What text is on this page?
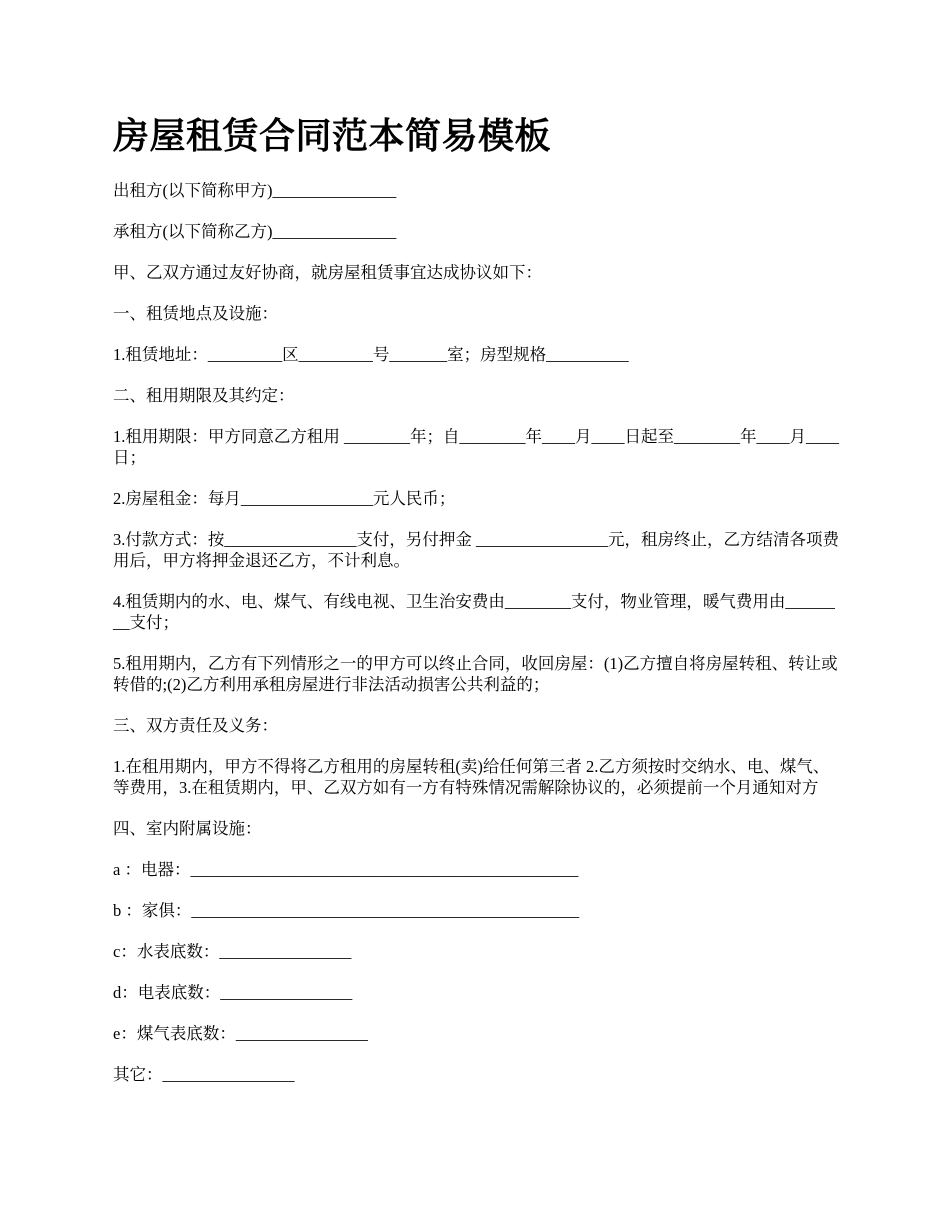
房屋租赁合同范本简易模板

出租方(以下简称甲方)_______________

承租方(以下简称乙方)_______________

甲、乙双方通过友好协商，就房屋租赁事宜达成协议如下：

一、租赁地点及设施：

1.租赁地址：_________区_________号_______室；房型规格__________

二、租用期限及其约定：

1.租用期限：甲方同意乙方租用 ________年；自________年____月____日起至________年____月____日；

2.房屋租金：每月________________元人民币；

3.付款方式：按________________支付，另付押金 ________________元，租房终止，乙方结清各项费用后，甲方将押金退还乙方，不计利息。

4.租赁期内的水、电、煤气、有线电视、卫生治安费由________支付，物业管理，暖气费用由________支付；

5.租用期内，乙方有下列情形之一的甲方可以终止合同，收回房屋：(1)乙方擅自将房屋转租、转让或转借的;(2)乙方利用承租房屋进行非法活动损害公共利益的；

三、双方责任及义务：

1.在租用期内，甲方不得将乙方租用的房屋转租(卖)给任何第三者 2.乙方须按时交纳水、电、煤气、等费用，3.在租赁期内，甲、乙双方如有一方有特殊情况需解除协议的，必须提前一个月通知对方

四、室内附属设施：

a ：电器：_______________________________________________

b ：家俱：_______________________________________________

c：水表底数：________________

d：电表底数：________________

e：煤气表底数：________________

其它：________________
